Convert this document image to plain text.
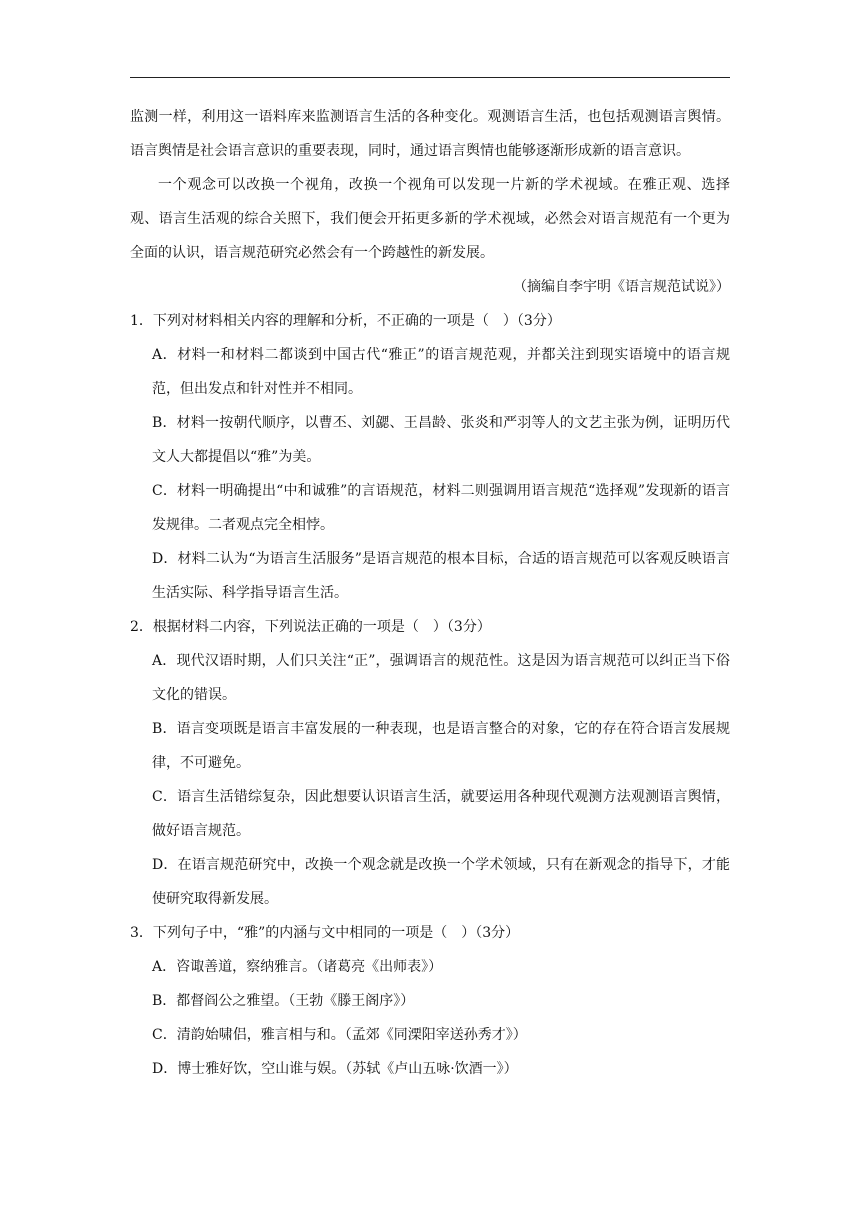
监测一样，利用这一语料库来监测语言生活的各种变化。观测语言生活，也包括观测语言舆情。语言舆情是社会语言意识的重要表现，同时，通过语言舆情也能够逐渐形成新的语言意识。

一个观念可以改换一个视角，改换一个视角可以发现一片新的学术视域。在雅正观、选择观、语言生活观的综合关照下，我们便会开拓更多新的学术视域，必然会对语言规范有一个更为全面的认识，语言规范研究必然会有一个跨越性的新发展。

（摘编自李宇明《语言规范试说》）

1．下列对材料相关内容的理解和分析，不正确的一项是（　）（3分）

A．材料一和材料二都谈到中国古代“雅正”的语言规范观，并都关注到现实语境中的语言规范，但出发点和针对性并不相同。

B．材料一按朝代顺序，以曹丕、刘勰、王昌龄、张炎和严羽等人的文艺主张为例，证明历代文人大都提倡以“雅”为美。

C．材料一明确提出“中和诚雅”的言语规范，材料二则强调用语言规范“选择观”发现新的语言发规律。二者观点完全相悖。

D．材料二认为“为语言生活服务”是语言规范的根本目标，合适的语言规范可以客观反映语言生活实际、科学指导语言生活。

2．根据材料二内容，下列说法正确的一项是（　）（3分）

A．现代汉语时期，人们只关注“正”，强调语言的规范性。这是因为语言规范可以纠正当下俗文化的错误。

B．语言变项既是语言丰富发展的一种表现，也是语言整合的对象，它的存在符合语言发展规律，不可避免。

C．语言生活错综复杂，因此想要认识语言生活，就要运用各种现代观测方法观测语言舆情，做好语言规范。

D．在语言规范研究中，改换一个观念就是改换一个学术领域，只有在新观念的指导下，才能使研究取得新发展。

3．下列句子中，“雅”的内涵与文中相同的一项是（　）（3分）

A．咨诹善道，察纳雅言。（诸葛亮《出师表》）

B．都督阎公之雅望。（王勃《滕王阁序》）

C．清韵始啸侣，雅言相与和。（孟郊《同溧阳宰送孙秀才》）

D．博士雅好饮，空山谁与娱。（苏轼《卢山五咏·饮酒一》）
